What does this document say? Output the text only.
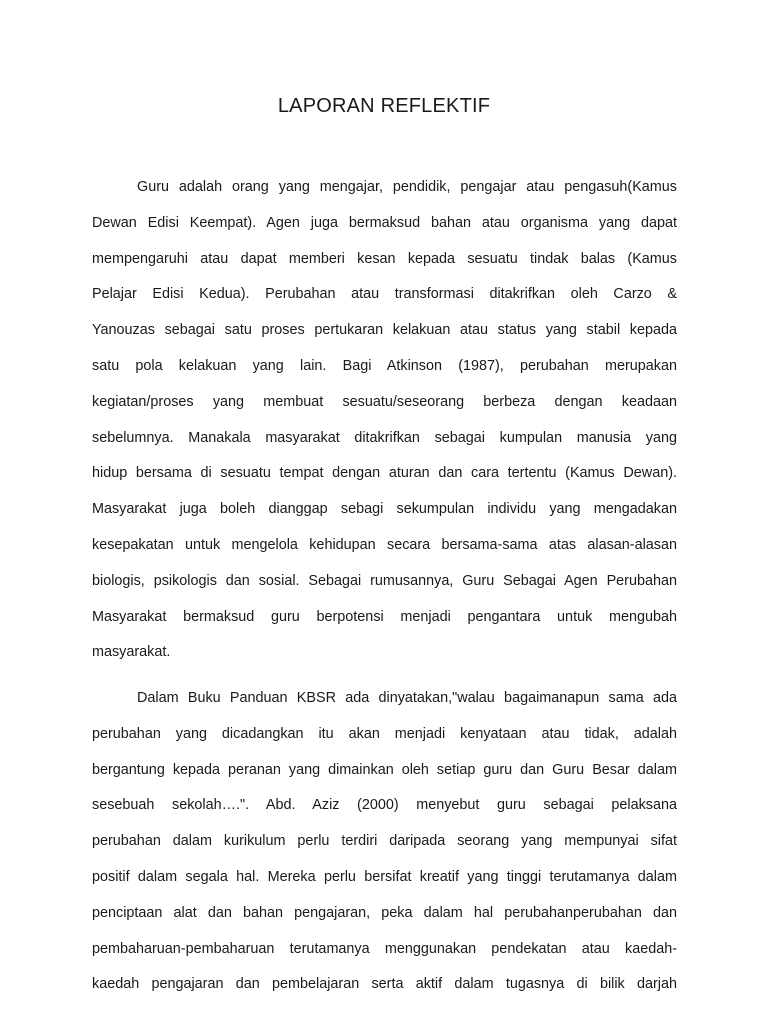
LAPORAN REFLEKTIF

Guru adalah orang yang mengajar, pendidik, pengajar atau pengasuh(Kamus
Dewan Edisi Keempat). Agen juga bermaksud bahan atau organisma yang dapat
mempengaruhi atau dapat memberi kesan kepada sesuatu tindak balas (Kamus
Pelajar Edisi Kedua). Perubahan atau transformasi ditakrifkan oleh Carzo &
Yanouzas sebagai satu proses pertukaran kelakuan atau status yang stabil kepada
satu pola kelakuan yang lain. Bagi Atkinson (1987), perubahan merupakan
kegiatan/proses yang membuat sesuatu/seseorang berbeza dengan keadaan
sebelumnya. Manakala masyarakat ditakrifkan sebagai kumpulan manusia yang
hidup bersama di sesuatu tempat dengan aturan dan cara tertentu (Kamus Dewan).
Masyarakat juga boleh dianggap sebagi sekumpulan individu yang mengadakan
kesepakatan untuk mengelola kehidupan secara bersama-sama atas alasan-alasan
biologis, psikologis dan sosial. Sebagai rumusannya, Guru Sebagai Agen Perubahan
Masyarakat bermaksud guru berpotensi menjadi pengantara untuk mengubah
masyarakat.

Dalam Buku Panduan KBSR ada dinyatakan,"walau bagaimanapun sama ada
perubahan yang dicadangkan itu akan menjadi kenyataan atau tidak, adalah
bergantung kepada peranan yang dimainkan oleh setiap guru dan Guru Besar dalam
sesebuah sekolah….". Abd. Aziz (2000) menyebut guru sebagai pelaksana
perubahan dalam kurikulum perlu terdiri daripada seorang yang mempunyai sifat
positif dalam segala hal. Mereka perlu bersifat kreatif yang tinggi terutamanya dalam
penciptaan alat dan bahan pengajaran, peka dalam hal perubahanperubahan dan
pembaharuan-pembaharuan terutamanya menggunakan pendekatan atau kaedah-
kaedah pengajaran dan pembelajaran serta aktif dalam tugasnya di bilik darjah
